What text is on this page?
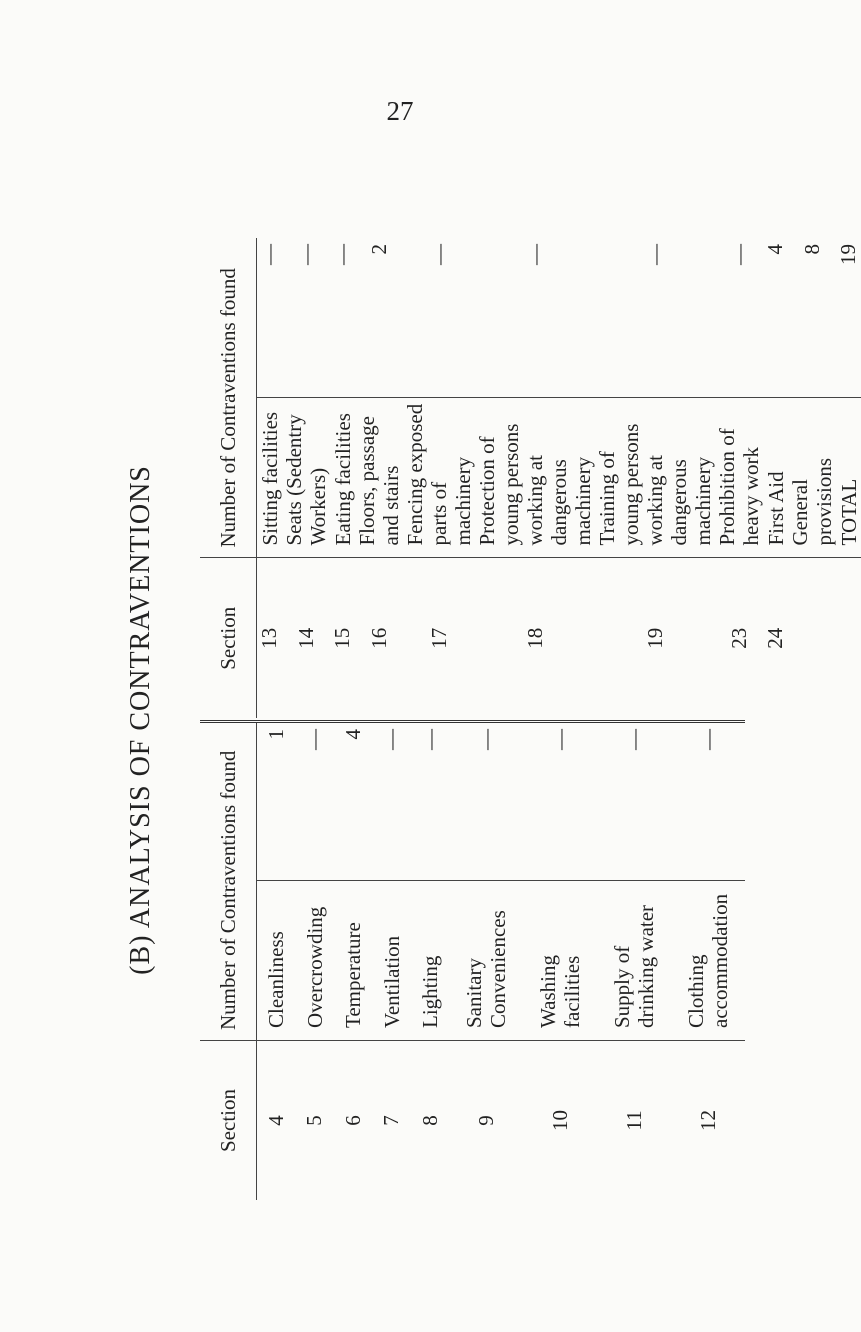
27
(B) ANALYSIS OF CONTRAVENTIONS
Section	Number of Contraventions found	
4	Cleanliness	1
5	Overcrowding	—
6	Temperature	4
7	Ventilation	—
8	Lighting	—
9	Sanitary Conveniences	—
10	Washing facilities	—
11	Supply of drinking water	—
12	Clothing accommodation	—
Section	Number of Contraventions found	
13	Sitting facilities	—
14	Seats (Sedentry Workers)	—
15	Eating facilities	—
16	Floors, passage and stairs	2
17	Fencing exposed parts of machinery	—
18	Protection of young persons working at dangerous machinery	—
19	Training of young persons working at dangerous machinery	—
23	Prohibition of heavy work	—
24	First Aid	4
	General provisions	8
	TOTAL	19
